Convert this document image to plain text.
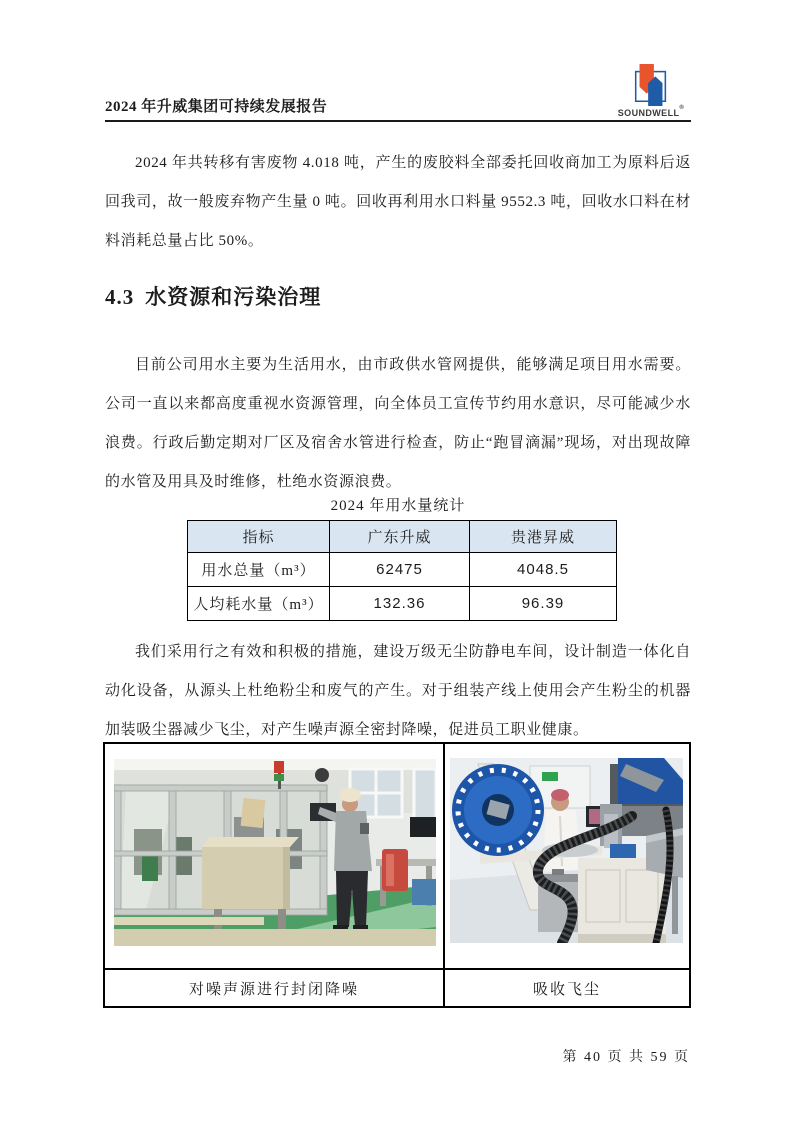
2024 年升威集团可持续发展报告	SOUNDWELL®

2024 年共转移有害废物 4.018 吨，产生的废胶料全部委托回收商加工为原料后返回我司，故一般废弃物产生量 0 吨。回收再利用水口料量 9552.3 吨，回收水口料在材料消耗总量占比 50%。

4.3 水资源和污染治理

目前公司用水主要为生活用水，由市政供水管网提供，能够满足项目用水需要。公司一直以来都高度重视水资源管理，向全体员工宣传节约用水意识，尽可能减少水浪费。行政后勤定期对厂区及宿舍水管进行检查，防止“跑冒滴漏”现场，对出现故障的水管及用具及时维修，杜绝水资源浪费。

2024 年用水量统计
指标	广东升威	贵港昇威
用水总量（m³）	62475	4048.5
人均耗水量（m³）	132.36	96.39

我们采用行之有效和积极的措施，建设万级无尘防静电车间，设计制造一体化自动化设备，从源头上杜绝粉尘和废气的产生。对于组装产线上使用会产生粉尘的机器加装吸尘器减少飞尘，对产生噪声源全密封降噪，促进员工职业健康。

对噪声源进行封闭降噪	吸收飞尘
第 40 页 共 59 页
